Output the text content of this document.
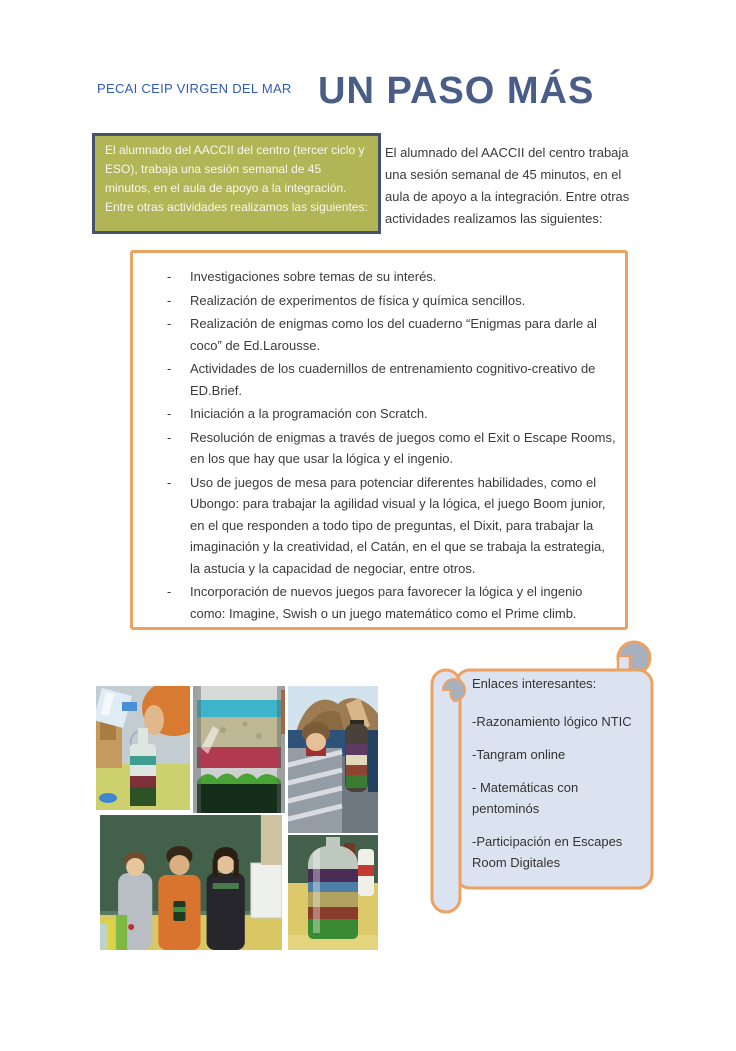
PECAI CEIP VIRGEN DEL MAR UN PASO MÁS
El alumnado del AACCII del centro (tercer ciclo y ESO), trabaja una sesión semanal de 45 minutos, en el aula de apoyo a la integración. Entre otras actividades realizamos las siguientes:
El alumnado del AACCII del centro trabaja una sesión semanal de 45 minutos, en el aula de apoyo a la integración. Entre otras actividades realizamos las siguientes:
-	Investigaciones sobre temas de su interés.
-	Realización de experimentos de física y química sencillos.
-	Realización de enigmas como los del cuaderno “Enigmas para darle al coco” de Ed.Larousse.
-	Actividades de los cuadernillos de entrenamiento cognitivo-creativo de ED.Brief.
-	Iniciación a la programación con Scratch.
-	Resolución de enigmas a través de juegos como el Exit o Escape Rooms, en los que hay que usar la lógica y el ingenio.
-	Uso de juegos de mesa para potenciar diferentes habilidades, como el Ubongo: para trabajar la agilidad visual y la lógica, el juego Boom junior, en el que responden a todo tipo de preguntas, el Dixit, para trabajar la imaginación y la creatividad, el Catán, en el que se trabaja la estrategia, la astucia y la capacidad de negociar, entre otros.
-	Incorporación de nuevos juegos para favorecer la lógica y el ingenio como: Imagine, Swish o un juego matemático como el Prime climb.

Enlaces interesantes:

-Razonamiento lógico NTIC

-Tangram online

- Matemáticas con pentominós

-Participación en Escapes Room Digitales
